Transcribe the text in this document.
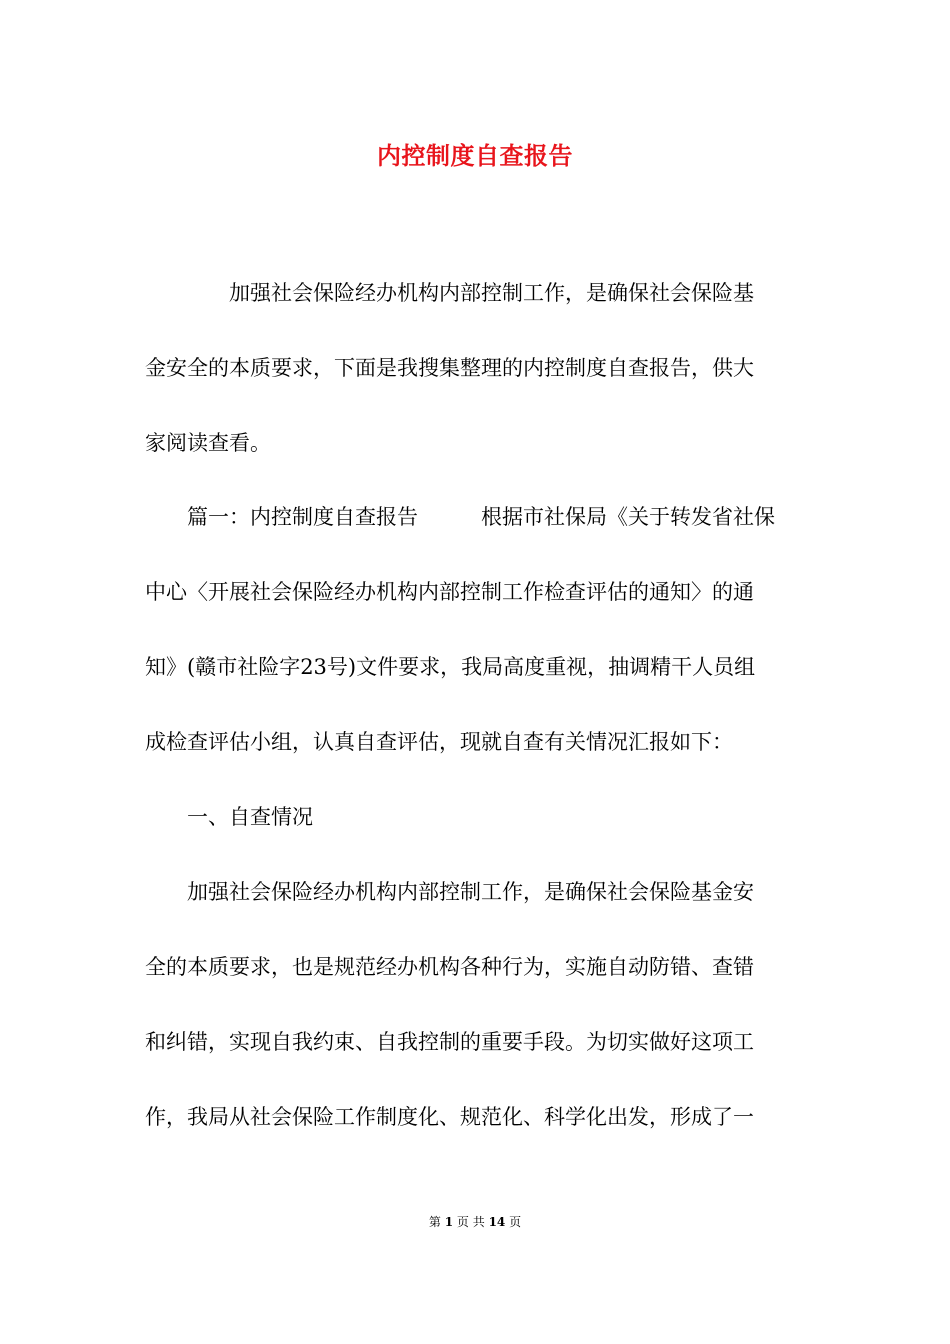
内控制度自查报告
　　　　加强社会保险经办机构内部控制工作，是确保社会保险基
金安全的本质要求，下面是我搜集整理的内控制度自查报告，供大
家阅读查看。
　　篇一：内控制度自查报告　　　根据市社保局《关于转发省社保
中心〈开展社会保险经办机构内部控制工作检查评估的通知〉的通
知》(赣市社险字23号)文件要求，我局高度重视，抽调精干人员组
成检查评估小组，认真自查评估，现就自查有关情况汇报如下：
　　一、自查情况
　　加强社会保险经办机构内部控制工作，是确保社会保险基金安
全的本质要求，也是规范经办机构各种行为，实施自动防错、查错
和纠错，实现自我约束、自我控制的重要手段。为切实做好这项工
作，我局从社会保险工作制度化、规范化、科学化出发，形成了一
第 1 页 共 14 页
